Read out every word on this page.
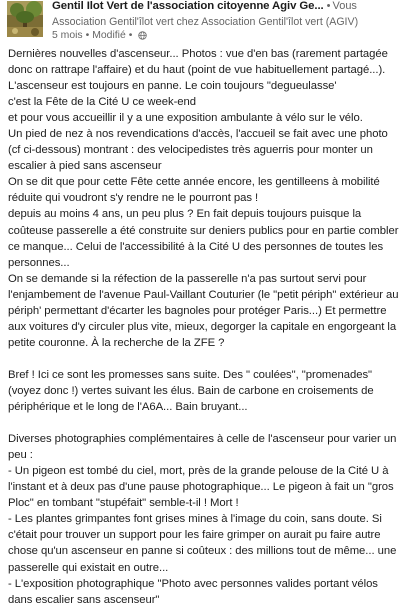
Gentil Ilot Vert de l'association citoyenne Agiv Ge... • Vous
Association Gentil'îlot vert chez Association Gentil'îlot vert (AGIV)
5 mois • Modifié •
Dernières nouvelles d'ascenseur... Photos : vue d'en bas (rarement partagée donc on rattrape l'affaire) et du haut (point de vue habituellement partagé...).
L'ascenseur est toujours en panne. Le coin toujours "degueulasse'
c'est la Fête de la Cité U ce week-end
et pour vous accueillir il y a une exposition ambulante à vélo sur le vélo.
Un pied de nez à nos revendications d'accès, l'accueil se fait avec une photo (cf ci-dessous) montrant : des velocipedistes très aguerris pour monter un escalier à pied sans ascenseur
On se dit que pour cette Fête cette année encore, les gentilleens à mobilité réduite qui voudront s'y rendre ne le pourront pas !
depuis au moins 4 ans, un peu plus ? En fait depuis toujours puisque la coûteuse passerelle a été construite sur deniers publics pour en partie combler ce manque... Celui de l'accessibilité à la Cité U des personnes de toutes les personnes...
On se demande si la réfection de la passerelle n'a pas surtout servi pour l'enjambement de l'avenue Paul-Vaillant Couturier (le "petit périph" extérieur au périph' permettant d'écarter les bagnoles pour protéger Paris...) Et permettre aux voitures d'y circuler plus vite, mieux, degorger la capitale en engorgeant la petite couronne. À la recherche de la ZFE ?

Bref ! Ici ce sont les promesses sans suite. Des " coulées", "promenades" (voyez donc !) vertes suivant les élus. Bain de carbone en croisements de périphérique et le long de l'A6A... Bain bruyant...

Diverses photographies complémentaires à celle de l'ascenseur pour varier un peu :
- Un pigeon est tombé du ciel, mort, près de la grande pelouse de la Cité U à l'instant et à deux pas d'une pause photographique... Le pigeon à fait un "gros Ploc" en tombant "stupéfait" semble-t-il ! Mort !
- Les plantes grimpantes font grises mines à l'image du coin, sans doute. Si c'était pour trouver un support pour les faire grimper on aurait pu faire autre chose qu'un ascenseur en panne si coûteux : des millions tout de même... une passerelle qui existait en outre...
- L'exposition photographique "Photo avec personnes valides portant vélos dans escalier sans ascenseur"
